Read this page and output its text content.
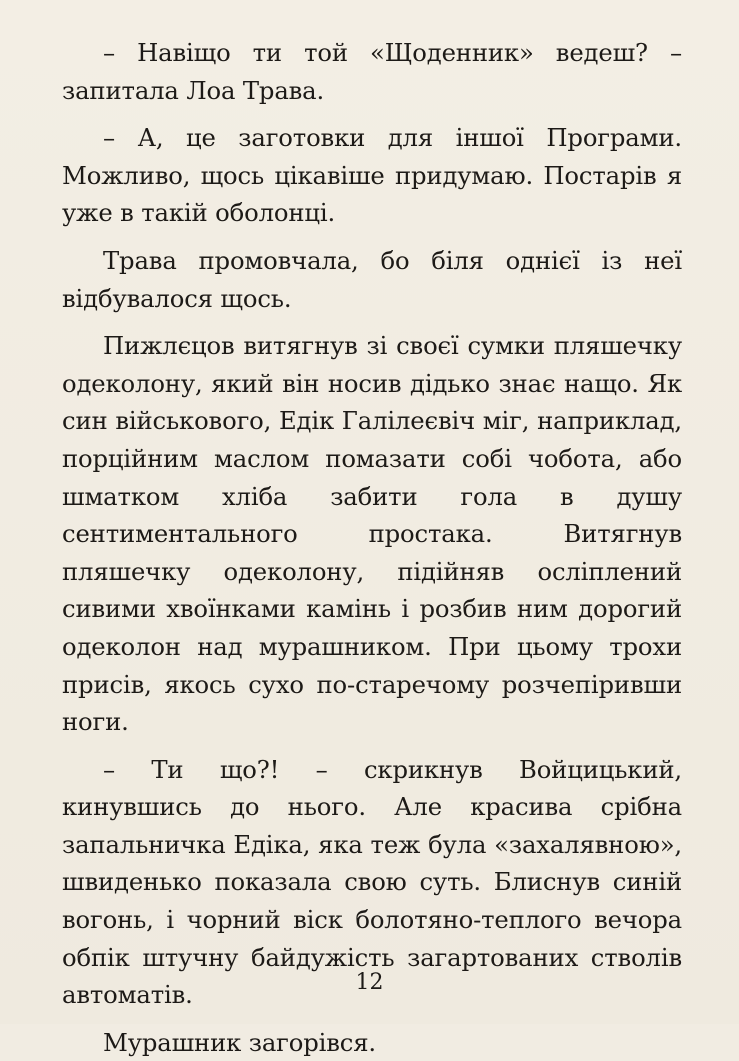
– Навіщо ти той «Щоденник» ведеш? – запитала Лоа Трава.

– А, це заготовки для іншої Програми. Можливо, щось цікавіше придумаю. Постарів я уже в такій оболонці.

Трава промовчала, бо біля однієї із неї відбувалося щось.

Пижлєцов витягнув зі своєї сумки пляшечку одеколону, який він носив дідько знає нащо. Як син військового, Едік Галілеєвіч міг, наприклад, порційним маслом помазати собі чобота, або шматком хліба забити гола в душу сентиментального простака. Витягнув пляшечку одеколону, підійняв осліплений сивими хвоїнками камінь і розбив ним дорогий одеколон над мурашником. При цьому трохи присів, якось сухо по-старечому розчепіривши ноги.

– Ти що?! – скрикнув Войцицький, кинувшись до нього. Але красива срібна запальничка Едіка, яка теж була «захалявною», швиденько показала свою суть. Блиснув синій вогонь, і чорний віск болотяно-теплого вечора обпік штучну байдужість загартованих стволів автоматів.

Мурашник загорівся.

12
